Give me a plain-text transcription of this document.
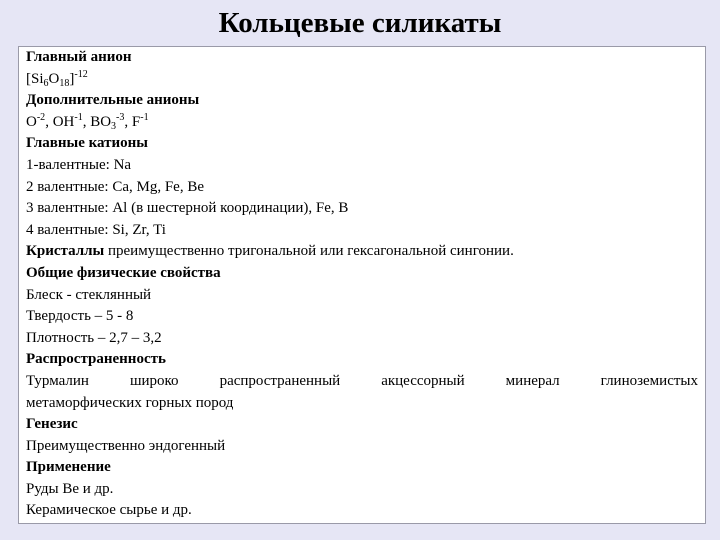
Кольцевые силикаты
Главный анион
$[Si_6O_{18}]^{-12}$
Дополнительные анионы
$O^{-2}$, $OH^{-1}$, $BO_3^{-3}$, $F^{-1}$
Главные катионы
1-валентные: Na
2 валентные: Ca, Mg, Fe, Be
3 валентные: Al (в шестерной координации), Fe, B
4 валентные: Si, Zr, Ti
Кристаллы преимущественно тригональной или гексагональной сингонии.
Общие физические свойства
Блеск - стеклянный
Твердость – 5 - 8
Плотность – 2,7 – 3,2
Распространенность
Турмалин	широко	распространенный	акцессорный	минерал	глиноземистых
метаморфических горных пород
Генезис
Преимущественно эндогенный
Применение
Руды Be и др.
Керамическое сырье и др.
